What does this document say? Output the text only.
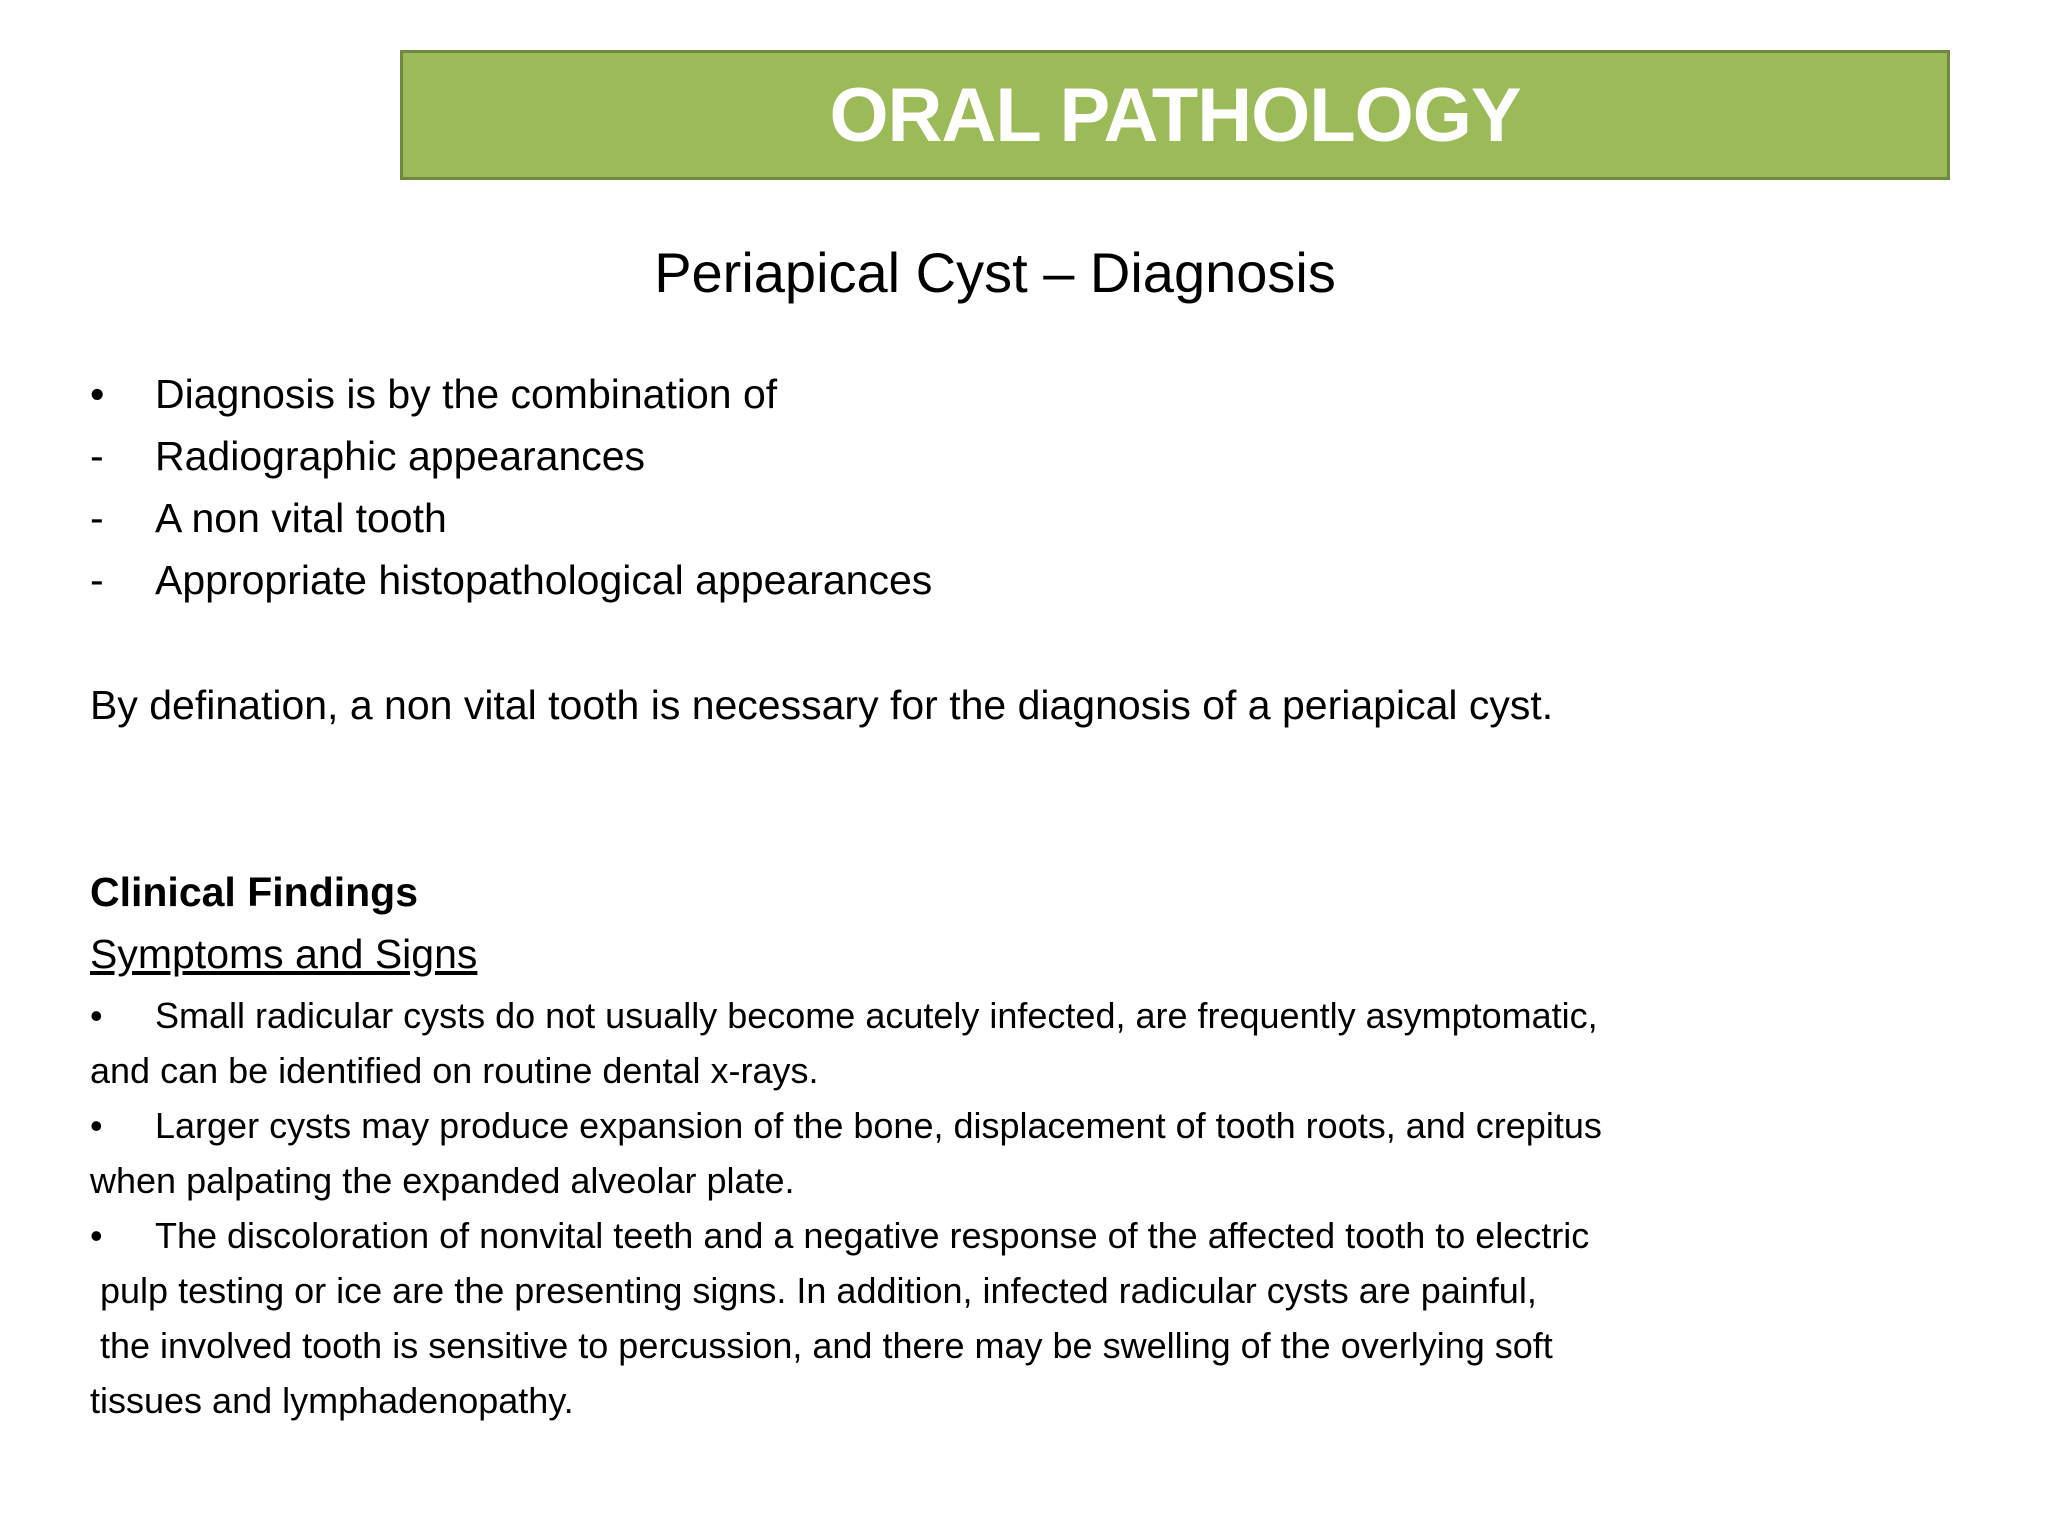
ORAL PATHOLOGY
Periapical Cyst – Diagnosis
• Diagnosis is by the combination of
- Radiographic appearances
- A non vital tooth
- Appropriate histopathological appearances
By defination, a non vital tooth is necessary for the diagnosis of a periapical cyst.
Clinical Findings
Symptoms and Signs
• Small radicular cysts do not usually become acutely infected, are frequently asymptomatic,
and can be identified on routine dental x-rays.
• Larger cysts may produce expansion of the bone, displacement of tooth roots, and crepitus
when palpating the expanded alveolar plate.
• The discoloration of nonvital teeth and a negative response of the affected tooth to electric
pulp testing or ice are the presenting signs. In addition, infected radicular cysts are painful,
the involved tooth is sensitive to percussion, and there may be swelling of the overlying soft
tissues and lymphadenopathy.
